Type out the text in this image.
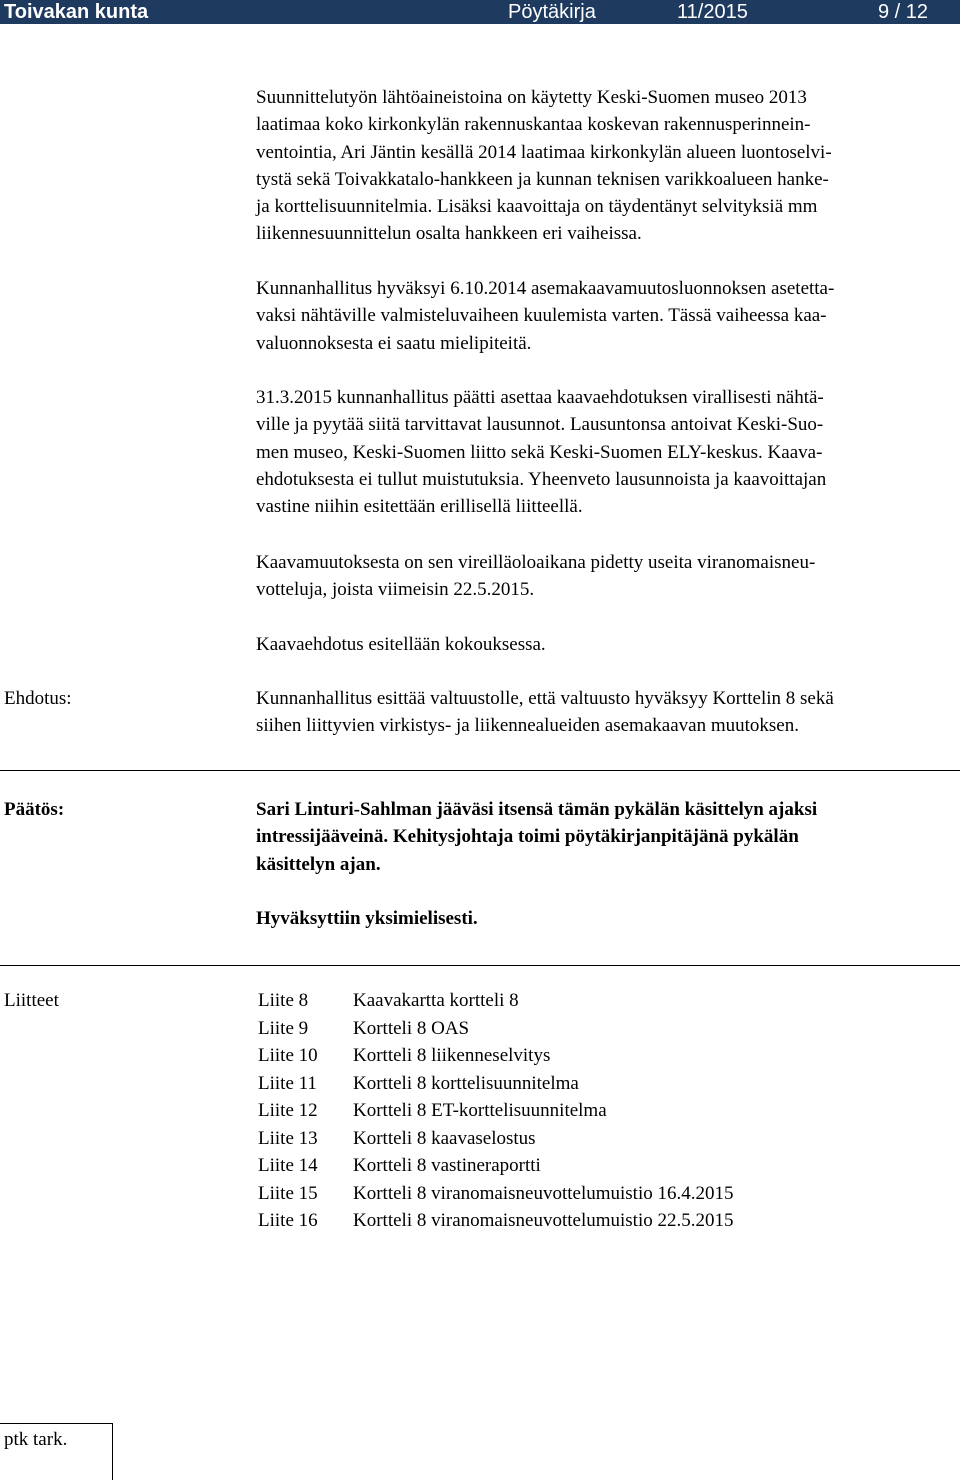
Toivakan kunta	Pöytäkirja	11/2015	9 / 12

Suunnittelutyön lähtöaineistoina on käytetty Keski-Suomen museo 2013
laatimaa koko kirkonkylän rakennuskantaa koskevan rakennusperinnein-
ventointia, Ari Jäntin kesällä 2014 laatimaa kirkonkylän alueen luontoselvi-
tystä sekä Toivakkatalo-hankkeen ja kunnan teknisen varikkoalueen hanke-
ja korttelisuunnitelmia. Lisäksi kaavoittaja on täydentänyt selvityksiä mm
liikennesuunnittelun osalta hankkeen eri vaiheissa.

Kunnanhallitus hyväksyi 6.10.2014 asemakaavamuutosluonnoksen asetetta-
vaksi nähtäville valmisteluvaiheen kuulemista varten. Tässä vaiheessa kaa-
valuonnoksesta ei saatu mielipiteitä.

31.3.2015 kunnanhallitus päätti asettaa kaavaehdotuksen virallisesti nähtä-
ville ja pyytää siitä tarvittavat lausunnot. Lausuntonsa antoivat Keski-Suo-
men museo, Keski-Suomen liitto sekä Keski-Suomen ELY-keskus. Kaava-
ehdotuksesta ei tullut muistutuksia. Yheenveto lausunnoista ja kaavoittajan
vastine niihin esitettään erillisellä liitteellä.

Kaavamuutoksesta on sen vireilläoloaikana pidetty useita viranomaisneu-
votteluja, joista viimeisin 22.5.2015.

Kaavaehdotus esitellään kokouksessa.

Ehdotus:	Kunnanhallitus esittää valtuustolle, että valtuusto hyväksyy Korttelin 8 sekä
siihen liittyvien virkistys- ja liikennealueiden asemakaavan muutoksen.

Päätös:	Sari Linturi-Sahlman jääväsi itsensä tämän pykälän käsittelyn ajaksi
intressijääveinä. Kehitysjohtaja toimi pöytäkirjanpitäjänä pykälän
käsittelyn ajan.

Hyväksyttiin yksimielisesti.

Liitteet	Liite 8 Kaavakartta kortteli 8
Liite 9 Kortteli 8 OAS
Liite 10 Kortteli 8 liikenneselvitys
Liite 11 Kortteli 8 korttelisuunnitelma
Liite 12 Kortteli 8 ET-korttelisuunnitelma
Liite 13 Kortteli 8 kaavaselostus
Liite 14 Kortteli 8 vastineraportti
Liite 15 Kortteli 8 viranomaisneuvottelumuistio 16.4.2015
Liite 16 Kortteli 8 viranomaisneuvottelumuistio 22.5.2015
ptk tark.
